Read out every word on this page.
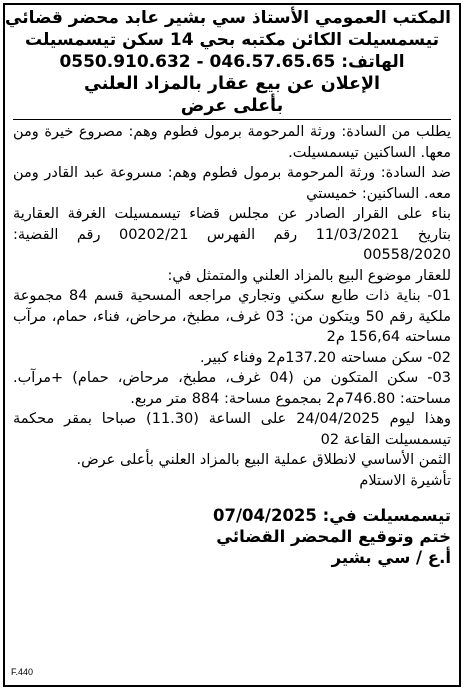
المكتب العمومي الأستاذ سي بشير عابد محضر قضائي
تيسمسيلت الكائن مكتبه بحي 14 سكن تيسمسيلت
الهاتف: 046.57.65.65 - 0550.910.632
الإعلان عن بيع عقار بالمزاد العلني
بأعلى عرض
يطلب من السادة: ورثة المرحومة برمول فطوم وهم: مصروع خيرة ومن معها. الساكنين تيسمسيلت.
ضد السادة: ورثة المرحومة برمول فطوم وهم: مسروعة عبد القادر ومن معه. الساكنين: خميستي
بناء على القرار الصادر عن مجلس قضاء تيسمسيلت الغرفة العقارية بتاريخ 11/03/2021 رقم الفهرس 00202/21 رقم القضية: 00558/2020
للعقار موضوع البيع بالمزاد العلني والمتمثل في:
01- بناية ذات طابع سكني وتجاري مراجعه المسحية قسم 84 مجموعة ملكية رقم 50 ويتكون من: 03 غرف، مطبخ، مرحاض، فناء، حمام، مرآب مساحته 156,64 م2
02- سكن مساحته 137.20م2 وفناء كبير.
03- سكن المتكون من (04 غرف، مطبخ، مرحاض، حمام) +مرآب. مساحته: 746.80م2 بمجموع مساحة: 884 متر مربع.
وهذا ليوم 24/04/2025 على الساعة (11.30) صباحا بمقر محكمة تيسمسيلت القاعة 02
الثمن الأساسي لانطلاق عملية البيع بالمزاد العلني بأعلى عرض.
تأشيرة الاستلام
تيسمسيلت في: 07/04/2025
ختم وتوقيع المحضر القضائي
أ.ع / سي بشير
F.440
